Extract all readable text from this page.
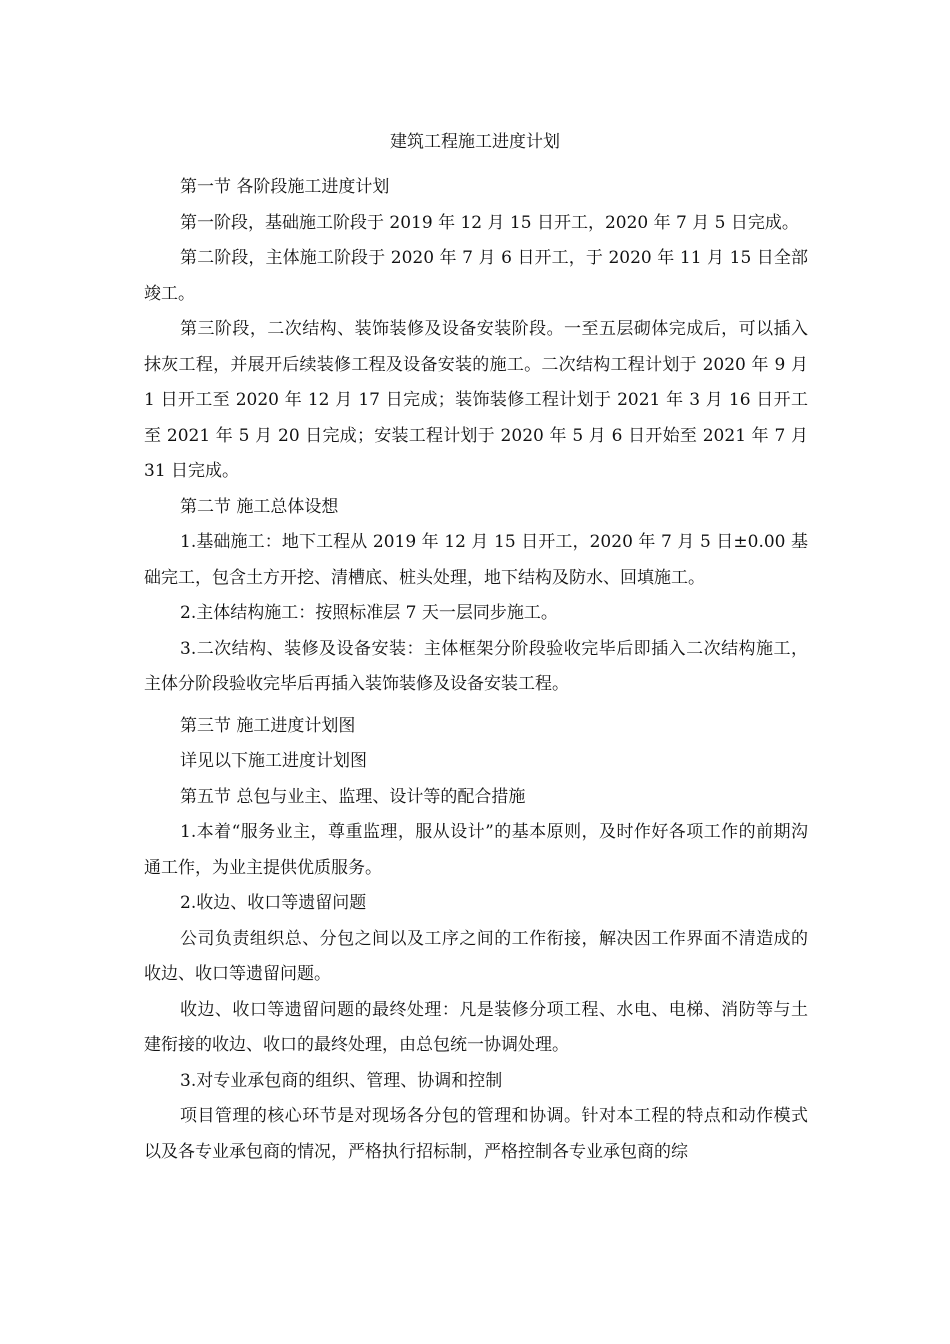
建筑工程施工进度计划

第一节 各阶段施工进度计划

第一阶段，基础施工阶段于 2019 年 12 月 15 日开工，2020 年 7 月 5 日完成。

第二阶段，主体施工阶段于 2020 年 7 月 6 日开工，于 2020 年 11 月 15 日全部竣工。

第三阶段，二次结构、装饰装修及设备安装阶段。一至五层砌体完成后，可以插入抹灰工程，并展开后续装修工程及设备安装的施工。二次结构工程计划于 2020 年 9 月 1 日开工至 2020 年 12 月 17 日完成；装饰装修工程计划于 2021 年 3 月 16 日开工至 2021 年 5 月 20 日完成；安装工程计划于 2020 年 5 月 6 日开始至 2021 年 7 月 31 日完成。

第二节 施工总体设想

1.基础施工：地下工程从 2019 年 12 月 15 日开工，2020 年 7 月 5 日±0.00 基础完工，包含土方开挖、清槽底、桩头处理，地下结构及防水、回填施工。

2.主体结构施工：按照标准层 7 天一层同步施工。

3.二次结构、装修及设备安装：主体框架分阶段验收完毕后即插入二次结构施工，主体分阶段验收完毕后再插入装饰装修及设备安装工程。

第三节 施工进度计划图

详见以下施工进度计划图

第五节 总包与业主、监理、设计等的配合措施

1.本着“服务业主，尊重监理，服从设计”的基本原则，及时作好各项工作的前期沟通工作，为业主提供优质服务。

2.收边、收口等遗留问题

公司负责组织总、分包之间以及工序之间的工作衔接，解决因工作界面不清造成的收边、收口等遗留问题。

收边、收口等遗留问题的最终处理：凡是装修分项工程、水电、电梯、消防等与土建衔接的收边、收口的最终处理，由总包统一协调处理。

3.对专业承包商的组织、管理、协调和控制

项目管理的核心环节是对现场各分包的管理和协调。针对本工程的特点和动作模式以及各专业承包商的情况，严格执行招标制，严格控制各专业承包商的综
